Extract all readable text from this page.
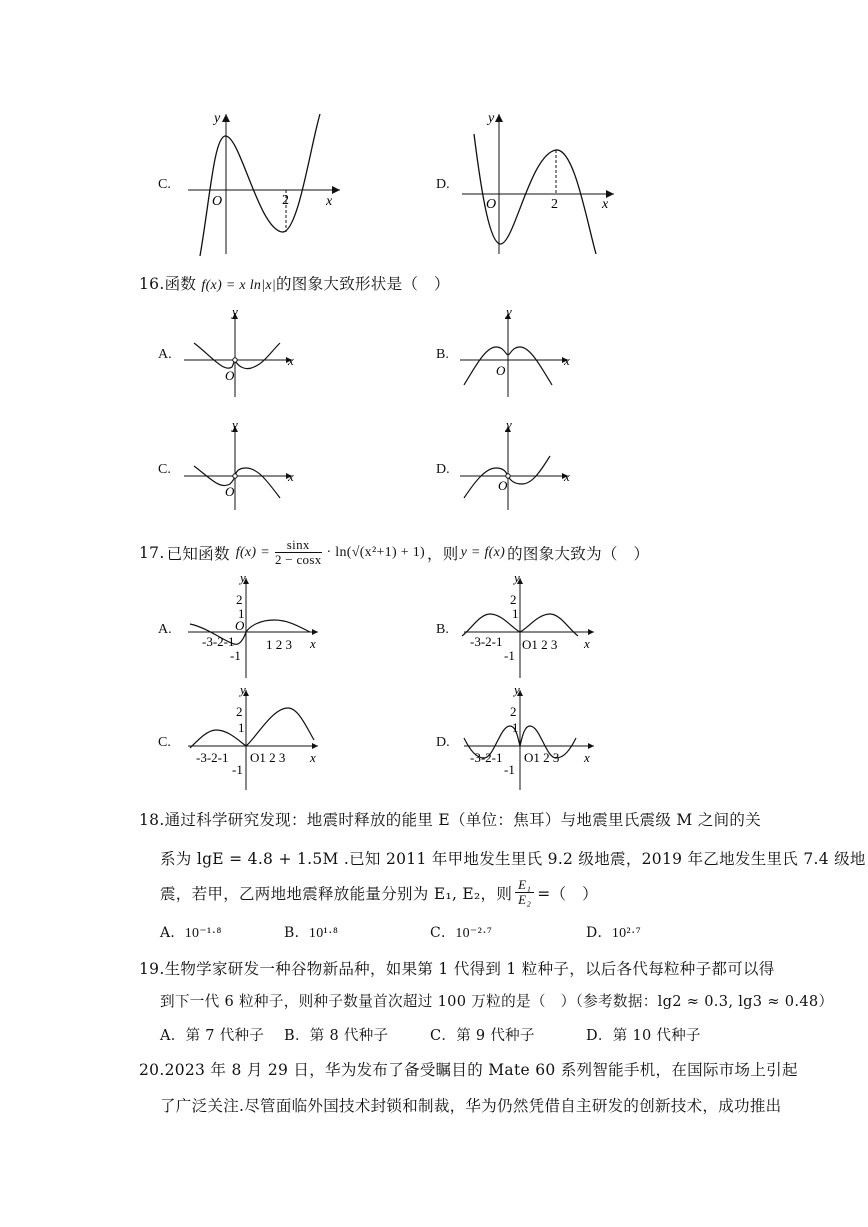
C.
O	2	x
y
D.
O	2	x
y
16.函数 f(x) = x ln|x|的图象大致形状是（　）
A.
O
x
y
B.
O
x
y
C.
O
x
y
D.
O
x
y
17. 已知函数 $f(x) = \frac{\sin x}{2 - \cos x} \cdot \ln(√(x^2+1) + 1)$ ，则 y = f(x) 的图象大致为（　）
A.
-3-2-1 1 2 3
O
2
1
-1
x
y
B.
-3-2-1 O1 2 3
2
1
-1
x
y
C.
-3-2-1 O1 2 3
2
1
-1
x
y
D.
-3-2-1 O1 2 3
2
1
-1
x
y
18.通过科学研究发现：地震时释放的能里 E（单位：焦耳）与地震里氏震级 M 之间的关
系为 lgE = 4.8 + 1.5M .已知 2011 年甲地发生里氏 9.2 级地震，2019 年乙地发生里氏 7.4 级地
震，若甲，乙两地地震释放能量分别为 E₁, E₂，则 $\frac{\text{E₁}}{\text{E₂}}$ =（　）
A．10⁻¹·⁸	B．10¹·⁸	C．10⁻²·⁷	D．10²·⁷
19.生物学家研发一种谷物新品种，如果第 1 代得到 1 粒种子，以后各代每粒种子都可以得
到下一代 6 粒种子，则种子数量首次超过 100 万粒的是（　）（参考数据：lg2 ≈ 0.3, lg3 ≈ 0.48）
A．第 7 代种子 B．第 8 代种子	C．第 9 代种子	D．第 10 代种子
20.2023 年 8 月 29 日，华为发布了备受瞩目的 Mate 60 系列智能手机，在国际市场上引起
了广泛关注.尽管面临外国技术封锁和制裁，华为仍然凭借自主研发的创新技术，成功推出
